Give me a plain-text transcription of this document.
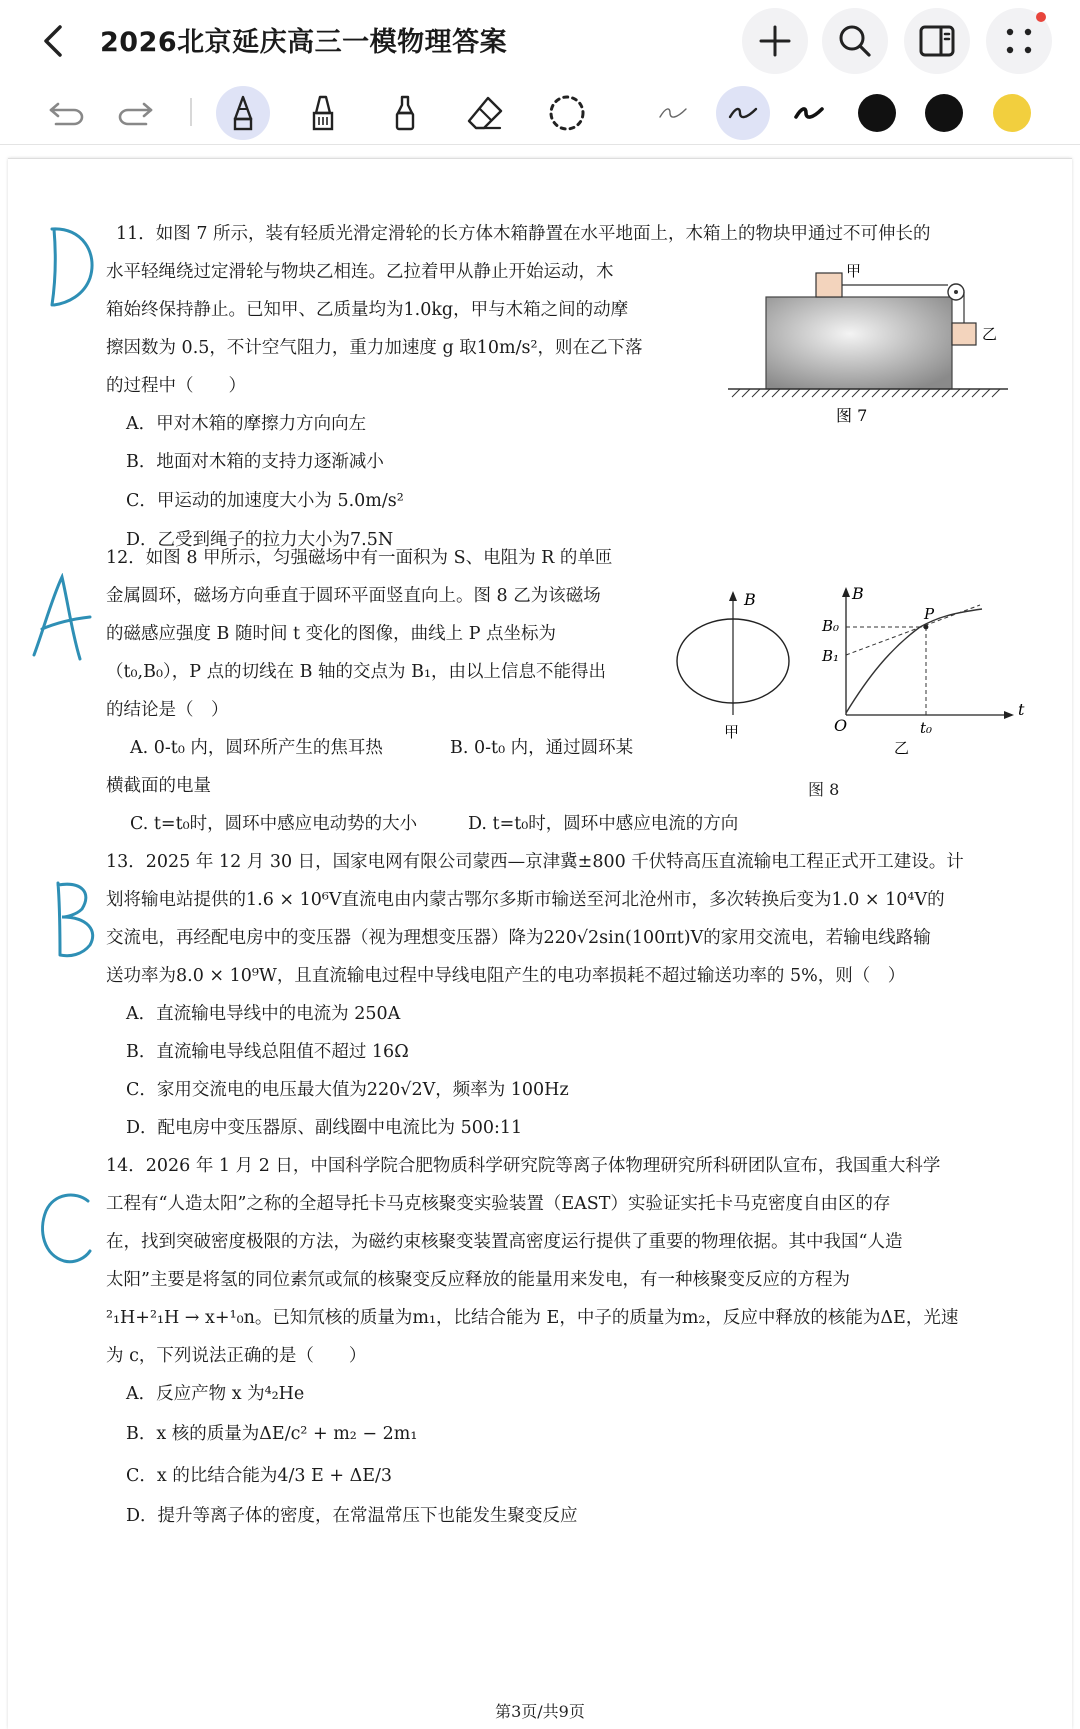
2026北京延庆高三一模物理答案
11．如图 7 所示，装有轻质光滑定滑轮的长方体木箱静置在水平地面上，木箱上的物块甲通过不可伸长的
水平轻绳绕过定滑轮与物块乙相连。乙拉着甲从静止开始运动，木
箱始终保持静止。已知甲、乙质量均为1.0kg，甲与木箱之间的动摩
擦因数为 0.5，不计空气阻力，重力加速度 g 取10m/s²，则在乙下落
的过程中（　　）
A．甲对木箱的摩擦力方向向左
B．地面对木箱的支持力逐渐减小
C．甲运动的加速度大小为 5.0m/s²
D．乙受到绳子的拉力大小为7.5N
甲
乙
图 7
12．如图 8 甲所示，匀强磁场中有一面积为 S、电阻为 R 的单匝
金属圆环，磁场方向垂直于圆环平面竖直向上。图 8 乙为该磁场
的磁感应强度 B 随时间 t 变化的图像，曲线上 P 点坐标为
（t₀,B₀），P 点的切线在 B 轴的交点为 B₁，由以上信息不能得出
的结论是（　）
A. 0-t₀ 内，圆环所产生的焦耳热	B. 0-t₀ 内，通过圆环某
横截面的电量
C. t=t₀时，圆环中感应电动势的大小	D. t=t₀时，圆环中感应电流的方向
B
甲
B
t
O
B₀
B₁
t₀
P
乙
图 8
13．2025 年 12 月 30 日，国家电网有限公司蒙西—京津冀±800 千伏特高压直流输电工程正式开工建设。计
划将输电站提供的1.6 × 10⁶V直流电由内蒙古鄂尔多斯市输送至河北沧州市，多次转换后变为1.0 × 10⁴V的
交流电，再经配电房中的变压器（视为理想变压器）降为220√2sin(100πt)V的家用交流电，若输电线路输
送功率为8.0 × 10⁹W，且直流输电过程中导线电阻产生的电功率损耗不超过输送功率的 5%，则（　）
A．直流输电导线中的电流为 250A
B．直流输电导线总阻值不超过 16Ω
C．家用交流电的电压最大值为220√2V，频率为 100Hz
D．配电房中变压器原、副线圈中电流比为 500:11
14．2026 年 1 月 2 日，中国科学院合肥物质科学研究院等离子体物理研究所科研团队宣布，我国重大科学
工程有“人造太阳”之称的全超导托卡马克核聚变实验装置（EAST）实验证实托卡马克密度自由区的存
在，找到突破密度极限的方法，为磁约束核聚变装置高密度运行提供了重要的物理依据。其中我国“人造
太阳”主要是将氢的同位素氘或氚的核聚变反应释放的能量用来发电，有一种核聚变反应的方程为
²₁H+²₁H → x+¹₀n。已知氘核的质量为m₁，比结合能为 E，中子的质量为m₂，反应中释放的核能为ΔE，光速
为 c，下列说法正确的是（　　）
A．反应产物 x 为⁴₂He
B．x 核的质量为ΔE/c² + m₂ − 2m₁
C．x 的比结合能为4/3 E + ΔE/3
D．提升等离子体的密度，在常温常压下也能发生聚变反应
第3页/共9页
